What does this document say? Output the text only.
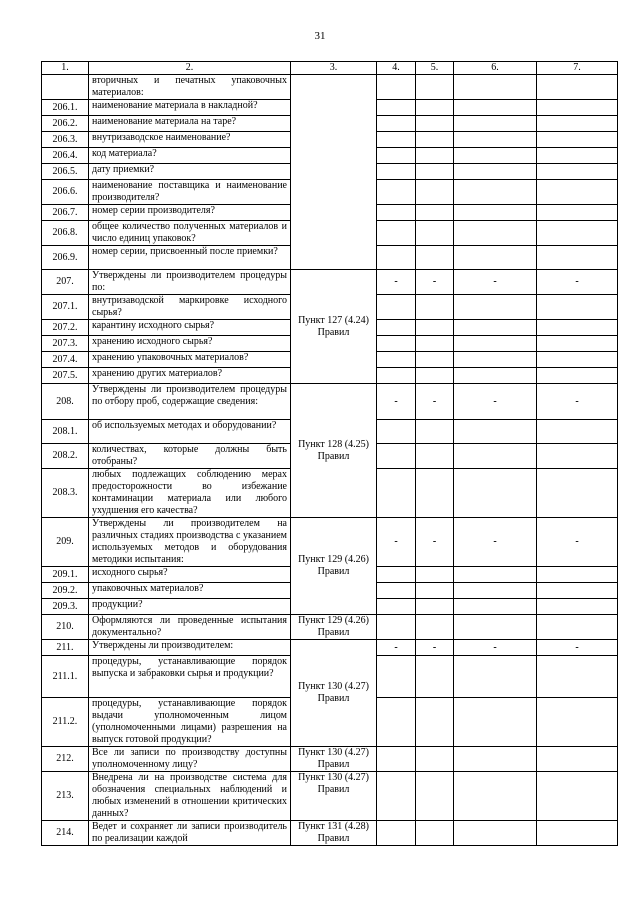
31
1.	2.	3.	4.	5.	6.	7.
	вторичных и печатных упаковочных материалов:					
206.1.	наименование материала в накладной?					
206.2.	наименование материала на таре?					
206.3.	внутризаводское наименование?					
206.4.	код материала?					
206.5.	дату приемки?					
206.6.	наименование поставщика и наименование производителя?					
206.7.	номер серии производителя?					
206.8.	общее количество полученных материалов и число единиц упаковок?					
206.9.	номер серии, присвоенный после приемки?					
207.	Утверждены ли производителем процедуры по:	Пункт 127 (4.24) Правил	-	-	-	-
207.1.	внутризаводской маркировке исходного сырья?					
207.2.	карантину исходного сырья?					
207.3.	хранению исходного сырья?					
207.4.	хранению упаковочных материалов?					
207.5.	хранению других материалов?					
208.	Утверждены ли производителем процедуры по отбору проб, содержащие сведения:	Пункт 128 (4.25) Правил	-	-	-	-
208.1.	об используемых методах и оборудовании?					
208.2.	количествах, которые должны быть отобраны?					
208.3.	любых подлежащих соблюдению мерах предосторожности во избежание контаминации материала или любого ухудшения его качества?					
209.	Утверждены ли производителем на различных стадиях производства с указанием используемых методов и оборудования методики испытания:	Пункт 129 (4.26) Правил	-	-	-	-
209.1.	исходного сырья?					
209.2.	упаковочных материалов?					
209.3.	продукции?					
210.	Оформляются ли проведенные испытания документально?	Пункт 129 (4.26) Правил				
211.	Утверждены ли производителем:	Пункт 130 (4.27) Правил	-	-	-	-
211.1.	процедуры, устанавливающие порядок выпуска и забраковки сырья и продукции?					
211.2.	процедуры, устанавливающие порядок выдачи уполномоченным лицом (уполномоченными лицами) разрешения на выпуск готовой продукции?					
212.	Все ли записи по производству доступны уполномоченному лицу?	Пункт 130 (4.27) Правил				
213.	Внедрена ли на производстве система для обозначения специальных наблюдений и любых изменений в отношении критических данных?	Пункт 130 (4.27) Правил				
214.	Ведет и сохраняет ли записи производитель по реализации каждой	Пункт 131 (4.28) Правил				
